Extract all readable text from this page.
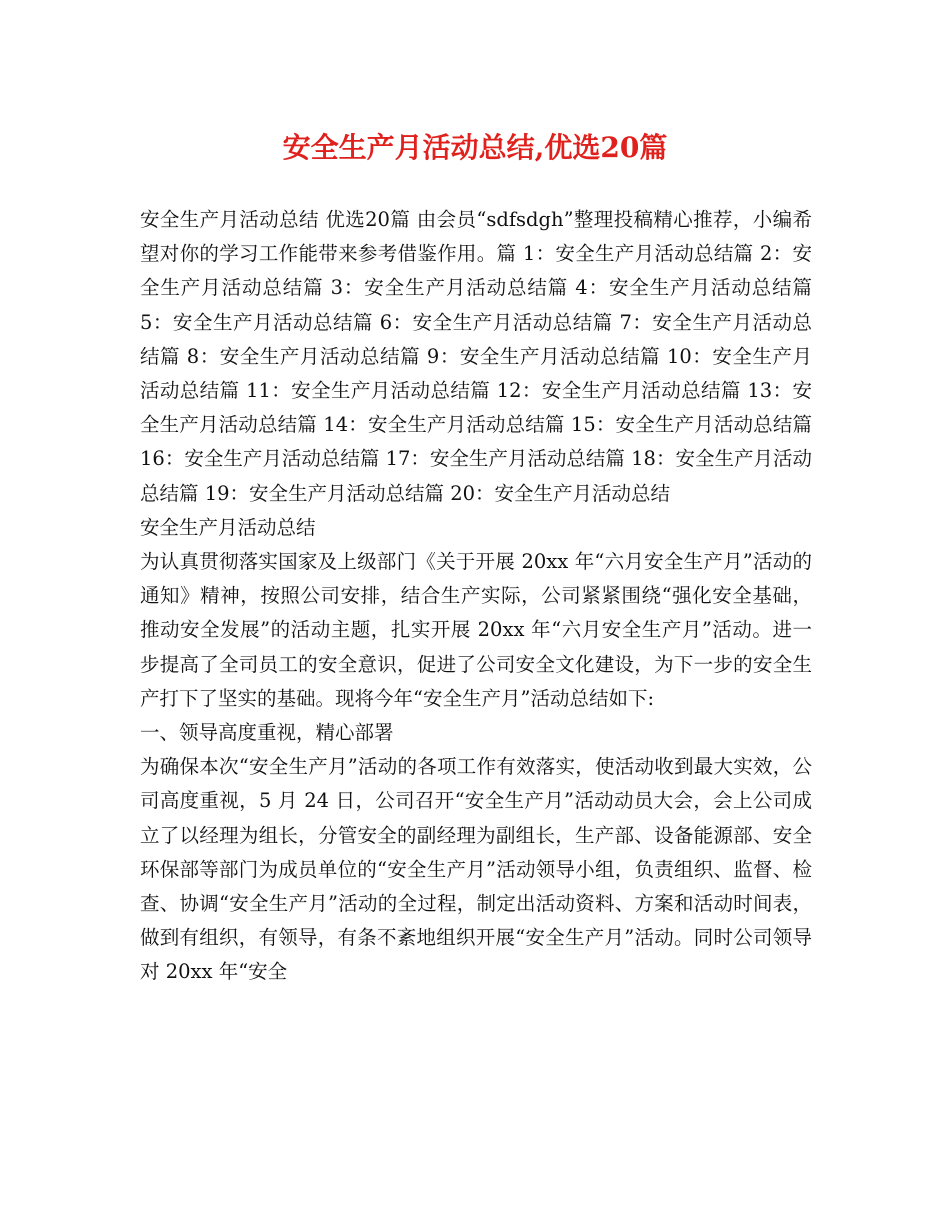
安全生产月活动总结,优选20篇

安全生产月活动总结 优选20篇 由会员“sdfsdgh”整理投稿精心推荐，小编希望对你的学习工作能带来参考借鉴作用。篇 1：安全生产月活动总结篇 2：安全生产月活动总结篇 3：安全生产月活动总结篇 4：安全生产月活动总结篇 5：安全生产月活动总结篇 6：安全生产月活动总结篇 7：安全生产月活动总结篇 8：安全生产月活动总结篇 9：安全生产月活动总结篇 10：安全生产月活动总结篇 11：安全生产月活动总结篇 12：安全生产月活动总结篇 13：安全生产月活动总结篇 14：安全生产月活动总结篇 15：安全生产月活动总结篇 16：安全生产月活动总结篇 17：安全生产月活动总结篇 18：安全生产月活动总结篇 19：安全生产月活动总结篇 20：安全生产月活动总结

安全生产月活动总结

为认真贯彻落实国家及上级部门《关于开展 20xx 年“六月安全生产月”活动的通知》精神，按照公司安排，结合生产实际，公司紧紧围绕“强化安全基础，推动安全发展”的活动主题，扎实开展 20xx 年“六月安全生产月”活动。进一步提高了全司员工的安全意识，促进了公司安全文化建设，为下一步的安全生产打下了坚实的基础。现将今年“安全生产月”活动总结如下:

一、领导高度重视，精心部署

为确保本次“安全生产月”活动的各项工作有效落实，使活动收到最大实效，公司高度重视，5 月 24 日，公司召开“安全生产月”活动动员大会，会上公司成立了以经理为组长，分管安全的副经理为副组长，生产部、设备能源部、安全环保部等部门为成员单位的“安全生产月”活动领导小组，负责组织、监督、检查、协调“安全生产月”活动的全过程，制定出活动资料、方案和活动时间表，做到有组织，有领导，有条不紊地组织开展“安全生产月”活动。同时公司领导对 20xx 年“安全
